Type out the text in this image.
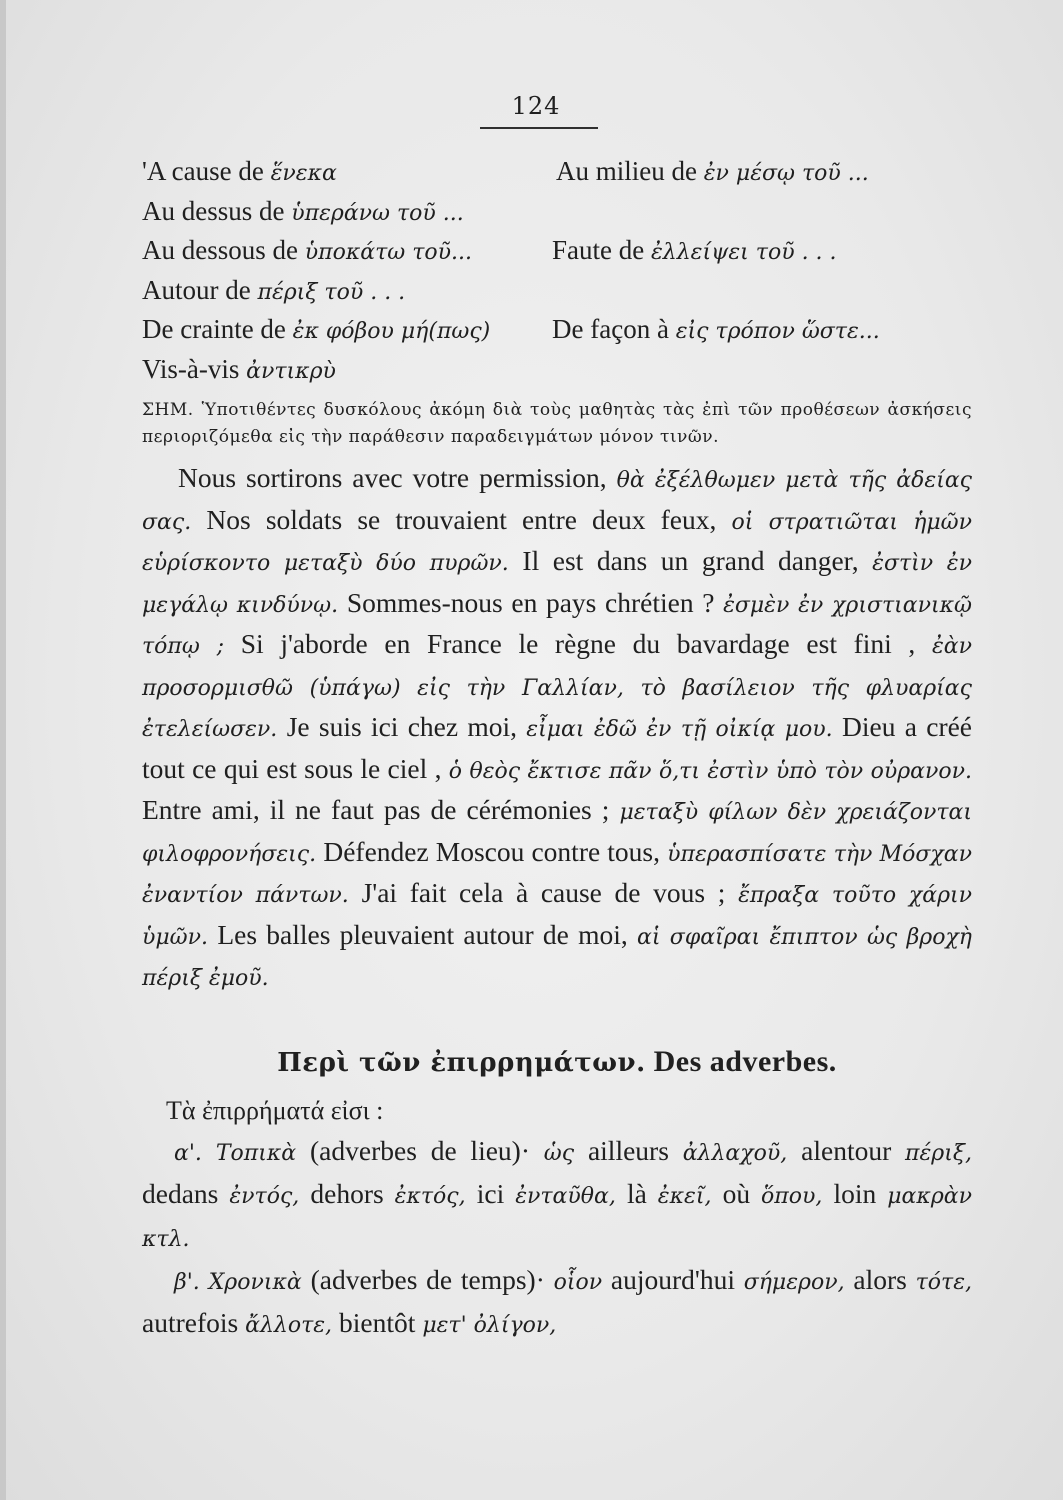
124
'A cause de ἕνεκα	Au milieu de ἐν μέσῳ τοῦ ...
Au dessus de ὑπεράνω τοῦ ...
Au dessous de ὑποκάτω τοῦ...	Faute de ἐλλείψει τοῦ . . .
Autour de πέριξ τοῦ . . .
De crainte de ἐκ φόβου μή(πως) De façon à εἰς τρόπον ὥστε...
Vis-à-vis ἀντικρὺ
ΣΗΜ. Ὑποτιθέντες δυσκόλους ἀκόμη διὰ τοὺς μαθητὰς τὰς ἐπὶ τῶν προθέσεων ἀσκήσεις περιοριζόμεθα εἰς τὴν παράθεσιν παραδειγμάτων μόνον τινῶν.
Nous sortirons avec votre permission, θὰ ἐξέλθωμεν μετὰ τῆς ἀδείας σας. Nos soldats se trouvaient entre deux feux, οἱ στρατιῶται ἡμῶν εὑρίσκοντο μεταξὺ δύο πυρῶν. Il est dans un grand danger, ἐστὶν ἐν μεγάλῳ κινδύνῳ. Sommes-nous en pays chrétien ? ἐσμὲν ἐν χριστιανικῷ τόπῳ ; Si j'aborde en France le règne du bavardage est fini , ἐὰν προσορμισθῶ (ὑπάγω) εἰς τὴν Γαλλίαν, τὸ βασίλειον τῆς φλυαρίας ἐτελείωσεν. Je suis ici chez moi, εἶμαι ἐδῶ ἐν τῇ οἰκίᾳ μου. Dieu a créé tout ce qui est sous le ciel , ὁ θεὸς ἔκτισε πᾶν ὅ,τι ἐστὶν ὑπὸ τὸν οὐρανον. Entre ami, il ne faut pas de cérémonies ; μεταξὺ φίλων δὲν χρειάζονται φιλοφρονήσεις. Défendez Moscou contre tous, ὑπερασπίσατε τὴν Μόσχαν ἐναντίον πάντων. J'ai fait cela à cause de vous ; ἔπραξα τοῦτο χάριν ὑμῶν. Les balles pleuvaient autour de moi, αἱ σφαῖραι ἔπιπτον ὡς βροχὴ πέριξ ἐμοῦ.
Περὶ τῶν ἐπιρρημάτων. Des adverbes.
Τὰ ἐπιρρήματά εἰσι :
α'. Τοπικὰ (adverbes de lieu)· ὡς ailleurs ἀλλαχοῦ, alentour πέριξ, dedans ἐντός, dehors ἐκτός, ici ἐνταῦθα, là ἐκεῖ, où ὅπου, loin μακρὰν κτλ.
β'. Χρονικὰ (adverbes de temps)· οἷον aujourd'hui σήμερον, alors τότε, autrefois ἄλλοτε, bientôt μετ' ὀλίγον,
